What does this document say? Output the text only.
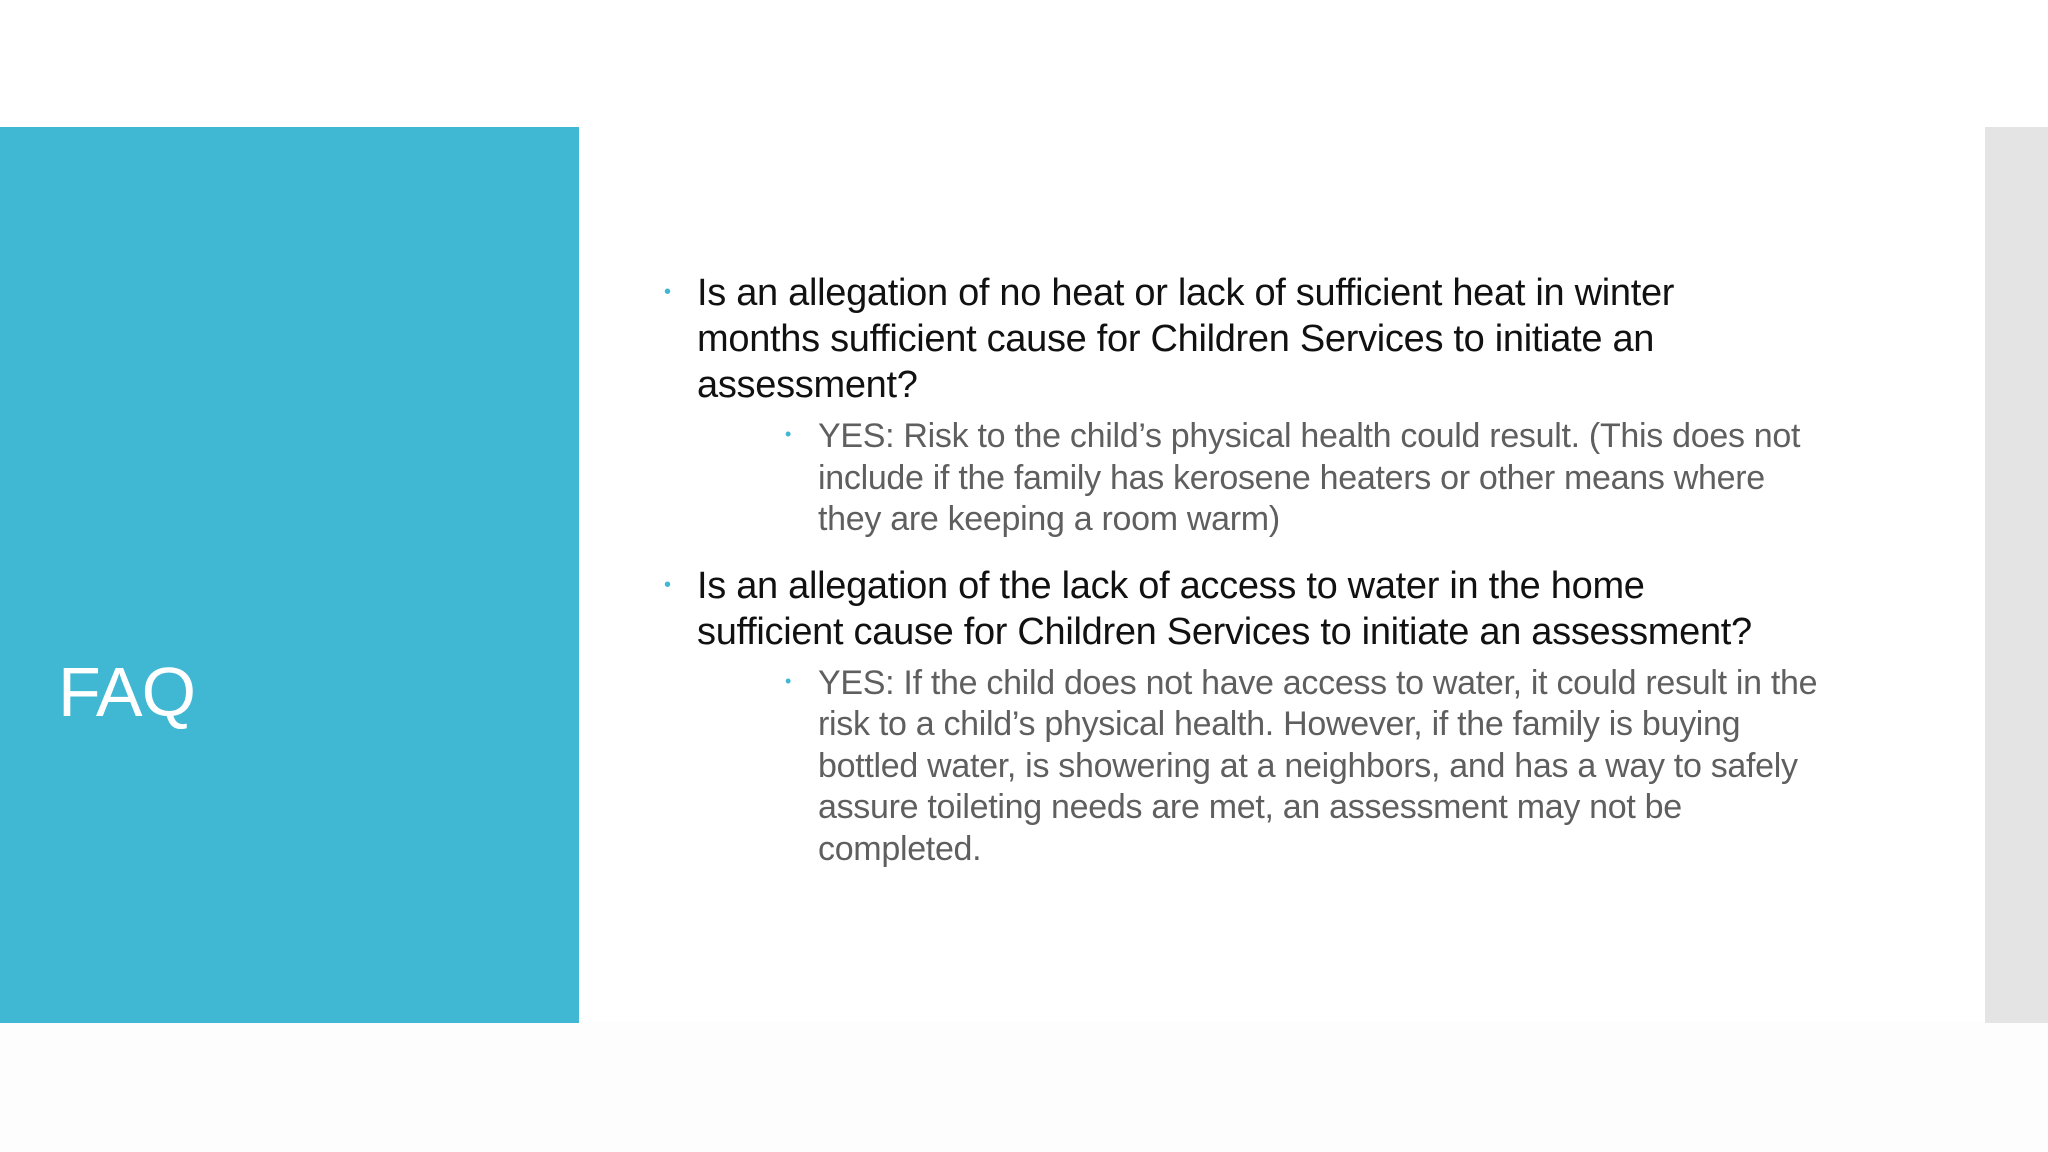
FAQ
• Is an allegation of no heat or lack of sufficient heat in winter
months sufficient cause for Children Services to initiate an
assessment?
• YES: Risk to the child’s physical health could result. (This does not
include if the family has kerosene heaters or other means where
they are keeping a room warm)
• Is an allegation of the lack of access to water in the home
sufficient cause for Children Services to initiate an assessment?
• YES: If the child does not have access to water, it could result in the
risk to a child’s physical health. However, if the family is buying
bottled water, is showering at a neighbors, and has a way to safely
assure toileting needs are met, an assessment may not be
completed.
